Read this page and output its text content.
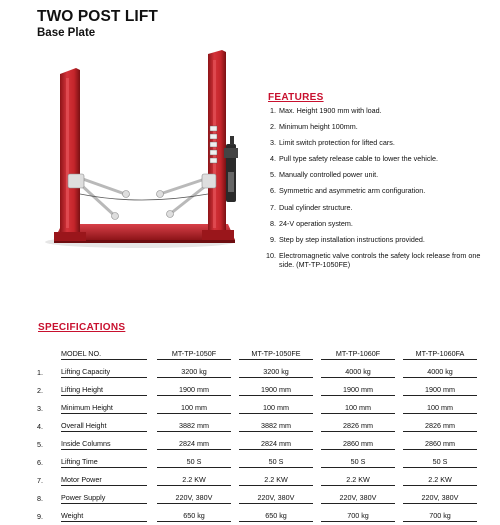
TWO POST LIFT
Base Plate
FEATURES
1. Max. Height 1900 mm with load.
2. Minimum height 100mm.
3. Limit switch protection for lifted cars.
4. Pull type safety release cable to lower the vehicle.
5. Manually controlled power unit.
6. Symmetric and asymmetric arm configuration.
7. Dual cylinder structure.
8. 24-V operation system.
9. Step by step installation instructions provided.
10. Electromagnetic valve controls the safety lock release from one side. (MT-TP-1050FE)
SPECIFICATIONS

	MODEL NO.	MT-TP-1050F	MT-TP-1050FE	MT-TP-1060F	MT-TP-1060FA

1.	Lifting Capacity	3200 kg	3200 kg	4000 kg	4000 kg

2.	Lifting Height	1900 mm	1900 mm	1900 mm	1900 mm

3.	Minimum Height	100 mm	100 mm	100 mm	100 mm

4.	Overall Height	3882 mm	3882 mm	2826 mm	2826 mm

5.	Inside Columns	2824 mm	2824 mm	2860 mm	2860 mm

6.	Lifting Time	50 S	50 S	50 S	50 S

7.	Motor Power	2.2 KW	2.2 KW	2.2 KW	2.2 KW

8.	Power Supply	220V, 380V	220V, 380V	220V, 380V	220V, 380V

9.	Weight	650 kg	650 kg	700 kg	700 kg
